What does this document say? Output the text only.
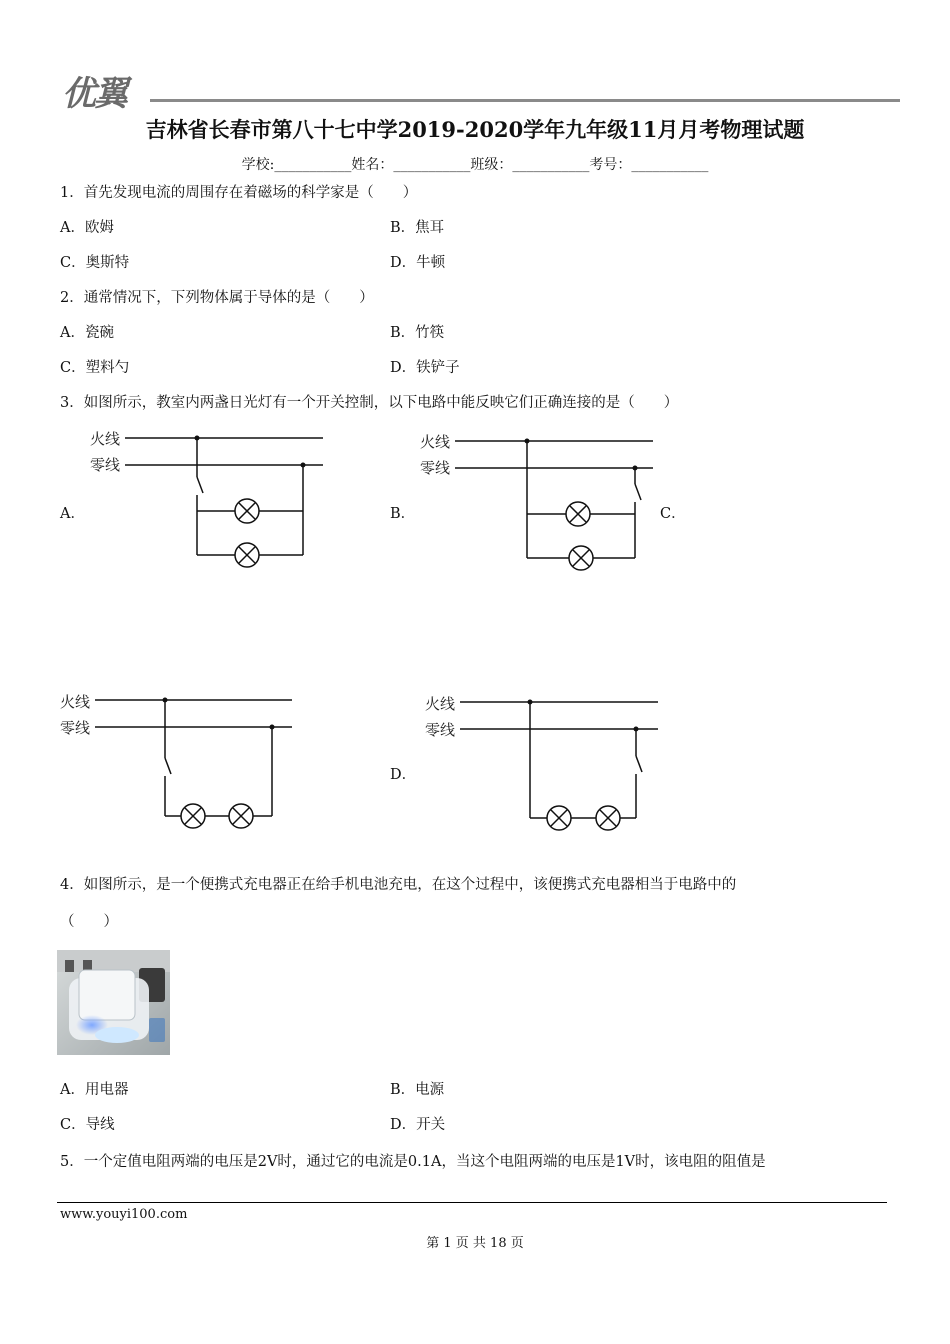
优翼
吉林省长春市第八十七中学2019-2020学年九年级11月月考物理试题
学校:___________姓名：___________班级：___________考号：___________
1．首先发现电流的周围存在着磁场的科学家是（　　）
A．欧姆	B．焦耳
C．奥斯特	D．牛顿
2．通常情况下，下列物体属于导体的是（　　）
A．瓷碗	B．竹筷
C．塑料勺	D．铁铲子
3．如图所示，教室内两盏日光灯有一个开关控制，以下电路中能反映它们正确连接的是（　　）
A．	B．	C．
D．
火线
零线
火线
零线
火线
零线
火线
零线
4．如图所示，是一个便携式充电器正在给手机电池充电，在这个过程中，该便携式充电器相当于电路中的
（　　）
A．用电器	B．电源
C．导线	D．开关
5．一个定值电阻两端的电压是2V时，通过它的电流是0.1A，当这个电阻两端的电压是1V时，该电阻的阻值是
www.youyi100.com
第 1 页 共 18 页
